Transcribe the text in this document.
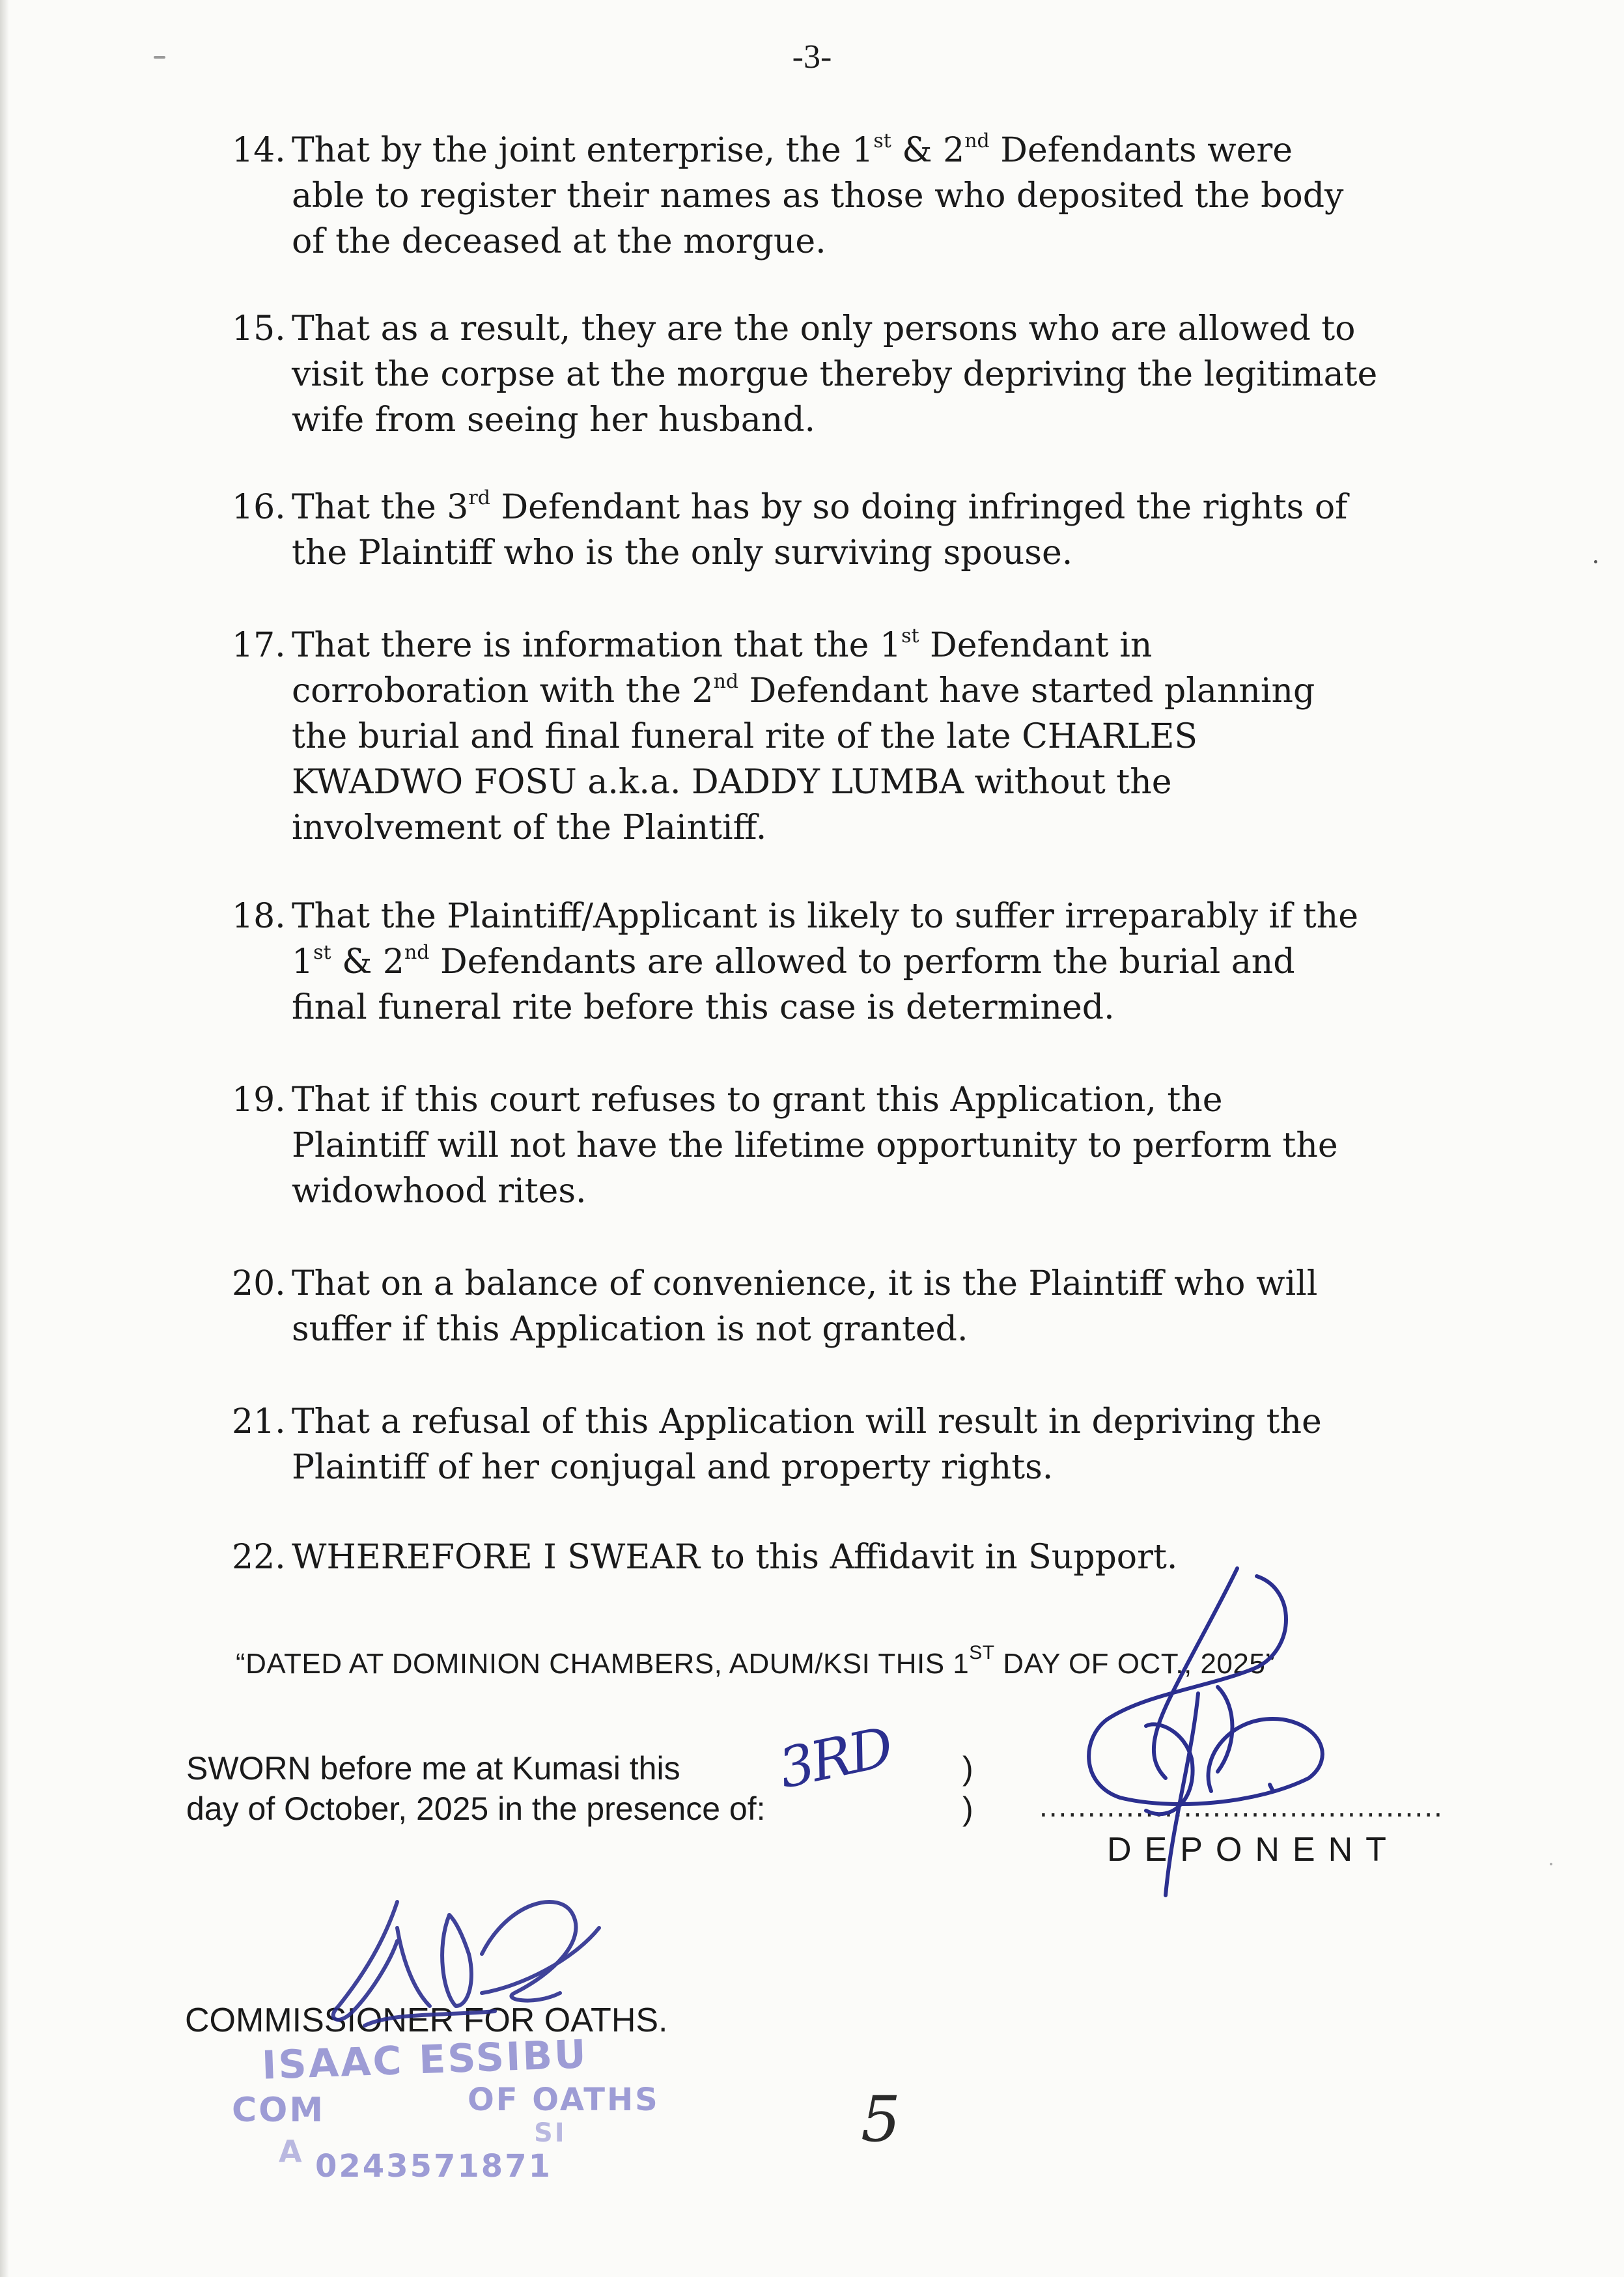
-3-
14. That by the joint enterprise, the 1st & 2nd Defendants were
able to register their names as those who deposited the body
of the deceased at the morgue.
15. That as a result, they are the only persons who are allowed to
visit the corpse at the morgue thereby depriving the legitimate
wife from seeing her husband.
16. That the 3rd Defendant has by so doing infringed the rights of
the Plaintiff who is the only surviving spouse.
17. That there is information that the 1st Defendant in
corroboration with the 2nd Defendant have started planning
the burial and final funeral rite of the late CHARLES
KWADWO FOSU a.k.a. DADDY LUMBA without the
involvement of the Plaintiff.
18. That the Plaintiff/Applicant is likely to suffer irreparably if the
1st & 2nd Defendants are allowed to perform the burial and
final funeral rite before this case is determined.
19. That if this court refuses to grant this Application, the
Plaintiff will not have the lifetime opportunity to perform the
widowhood rites.
20. That on a balance of convenience, it is the Plaintiff who will
suffer if this Application is not granted.
21. That a refusal of this Application will result in depriving the
Plaintiff of her conjugal and property rights.
22. WHEREFORE I SWEAR to this Affidavit in Support.
“DATED AT DOMINION CHAMBERS, ADUM/KSI THIS 1ST DAY OF OCT., 2025”
SWORN before me at Kumasi this
day of October, 2025 in the presence of:
)
) ..........................................
DEPONENT
COMMISSIONER FOR OATHS.
ISAAC ESSIBU
COM	OF OATHS
A
SI
0243571871
3RD
5
